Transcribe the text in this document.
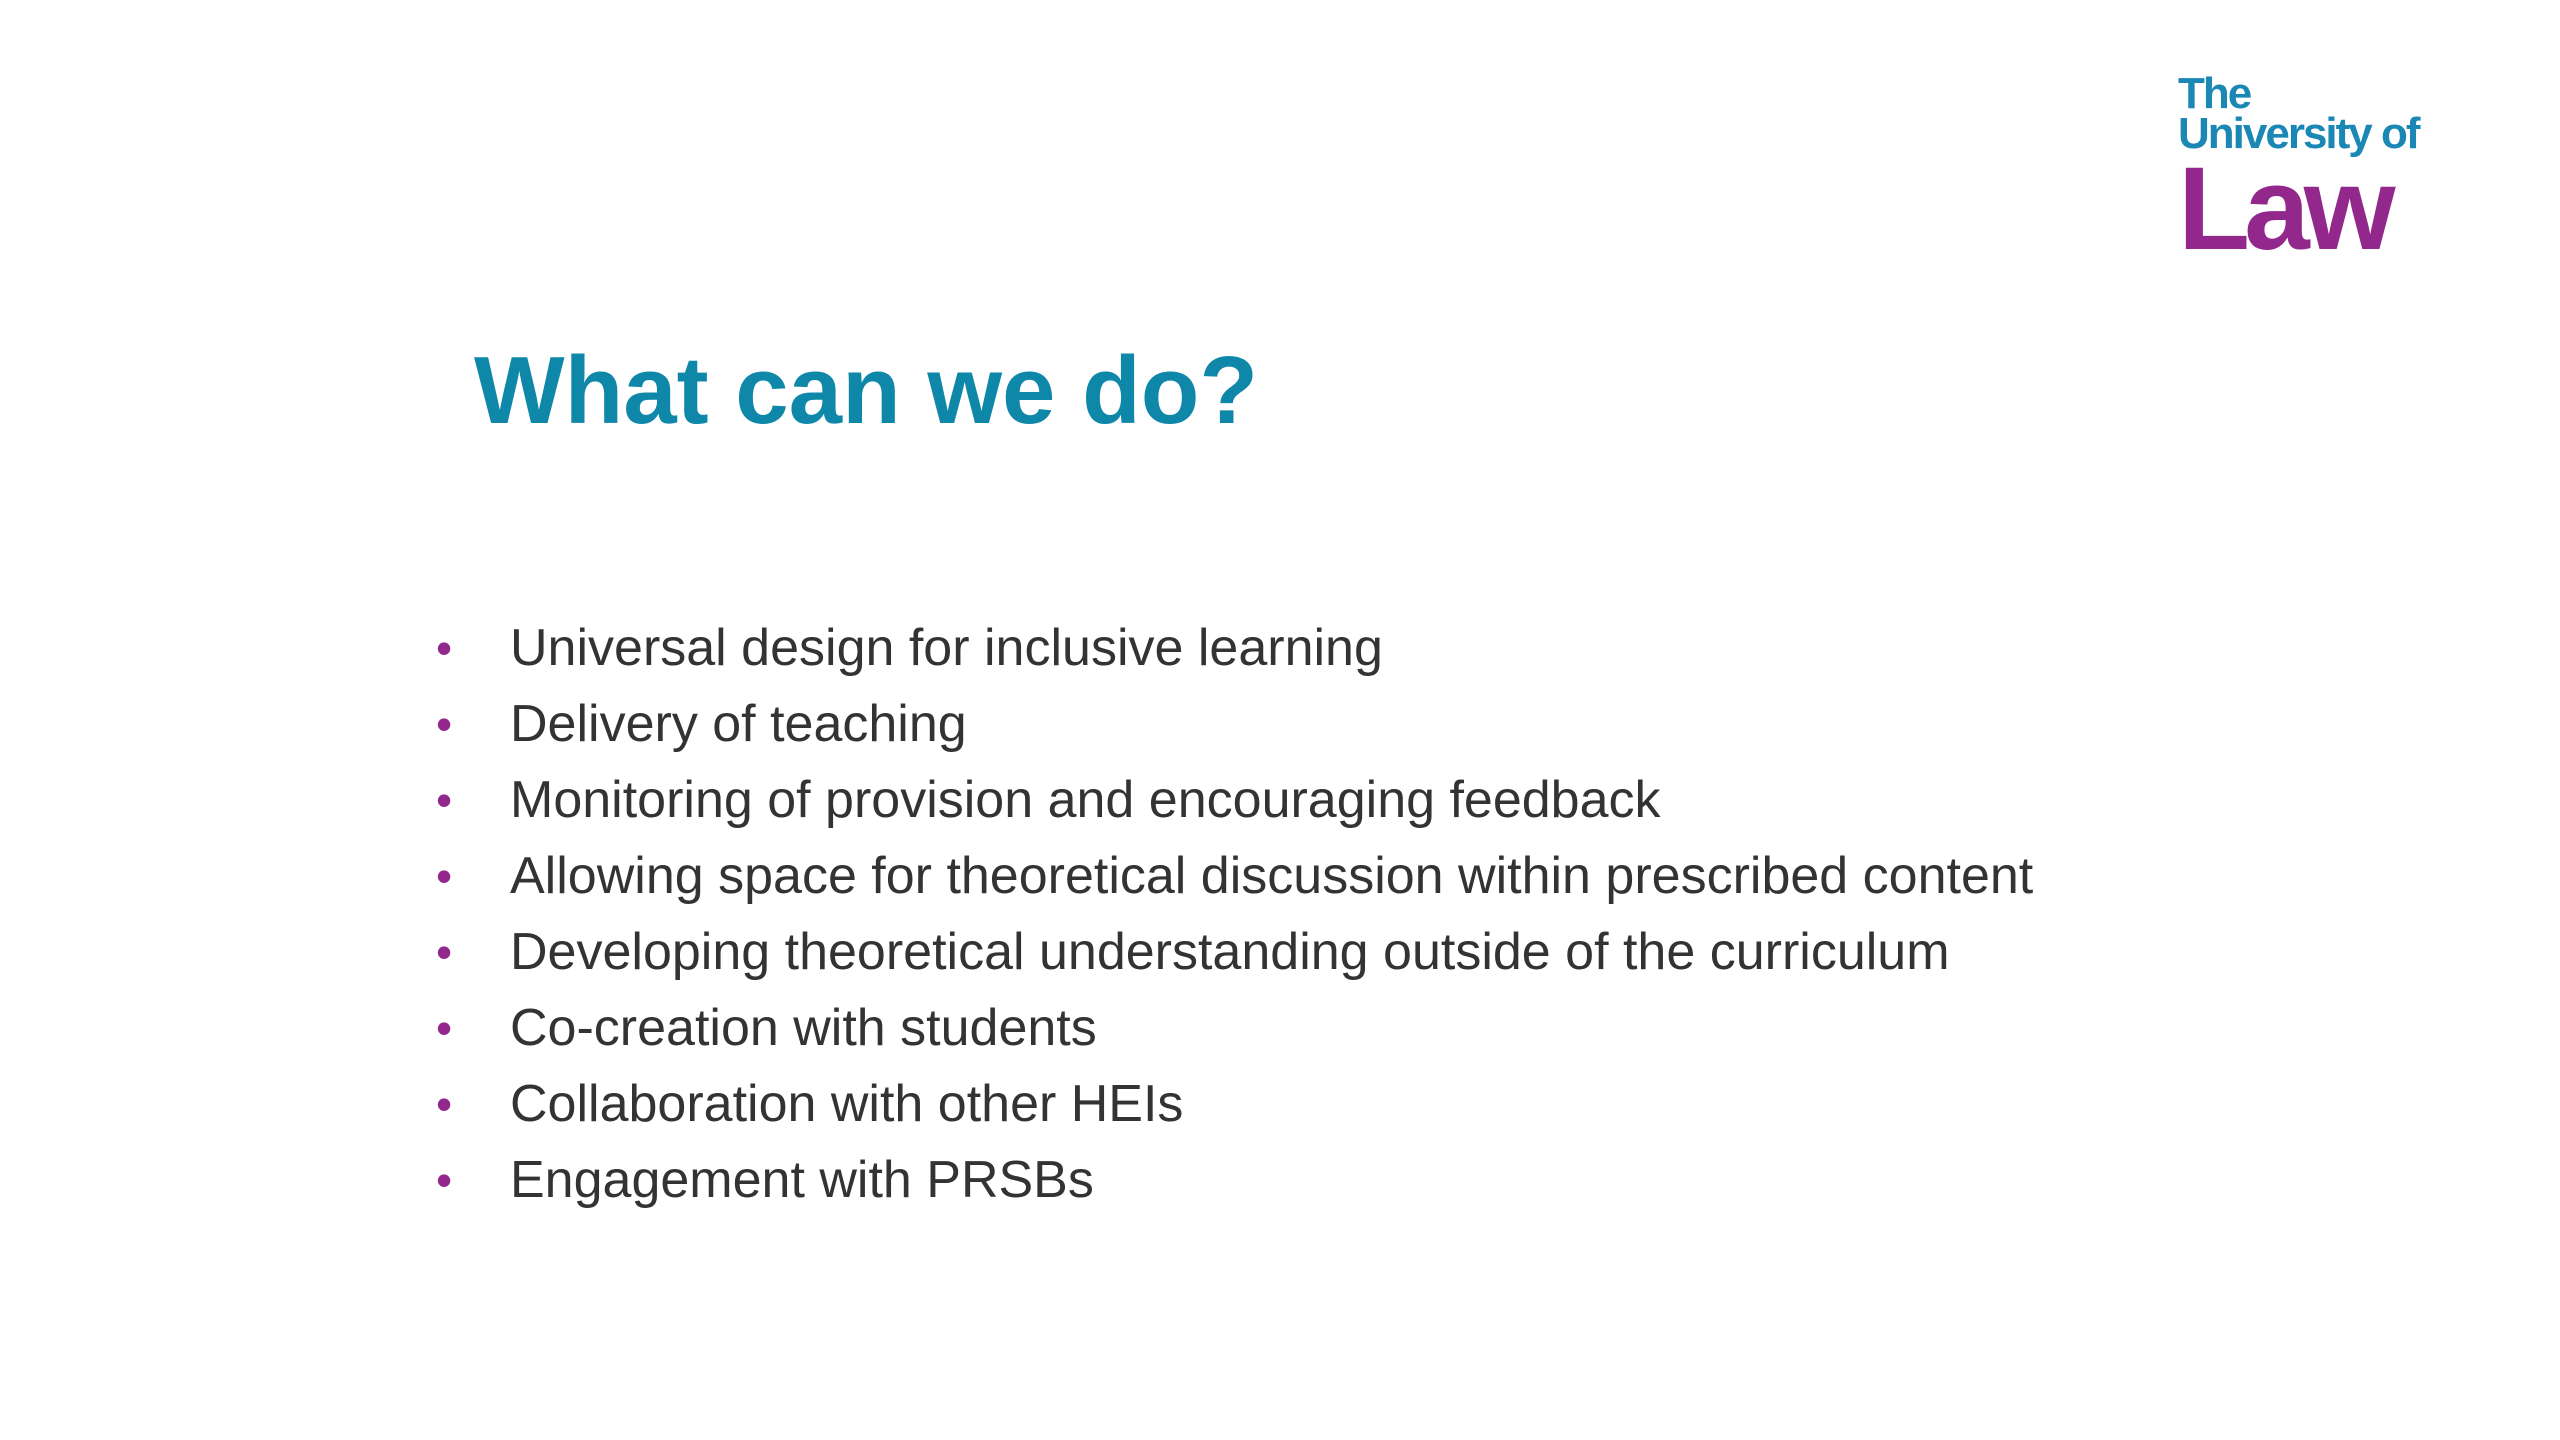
The
University of
Law
What can we do?
• Universal design for inclusive learning
• Delivery of teaching
• Monitoring of provision and encouraging feedback
• Allowing space for theoretical discussion within prescribed content
• Developing theoretical understanding outside of the curriculum
• Co-creation with students
• Collaboration with other HEIs
• Engagement with PRSBs
